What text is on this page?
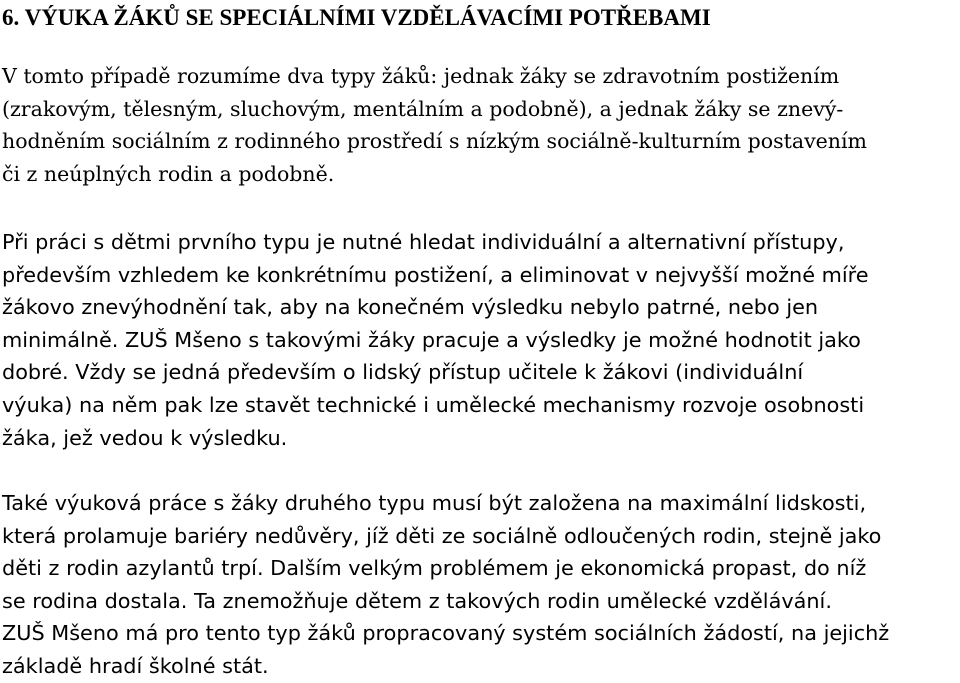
6. VÝUKA ŽÁKŮ SE SPECIÁLNÍMI VZDĚLÁVACÍMI POTŘEBAMI

V tomto případě rozumíme dva typy žáků: jednak žáky se zdravotním postižením
(zrakovým, tělesným, sluchovým, mentálním a podobně), a jednak žáky se znevý-
hodněním sociálním z rodinného prostředí s nízkým sociálně-kulturním postavením
či z neúplných rodin a podobně.

Při práci s dětmi prvního typu je nutné hledat individuální a alternativní přístupy,
především vzhledem ke konkrétnímu postižení, a eliminovat v nejvyšší možné míře
žákovo znevýhodnění tak, aby na konečném výsledku nebylo patrné, nebo jen
minimálně. ZUŠ Mšeno s takovými žáky pracuje a výsledky je možné hodnotit jako
dobré. Vždy se jedná především o lidský přístup učitele k žákovi (individuální
výuka) na něm pak lze stavět technické i umělecké mechanismy rozvoje osobnosti
žáka, jež vedou k výsledku.

Také výuková práce s žáky druhého typu musí být založena na maximální lidskosti,
která prolamuje bariéry nedůvěry, jíž děti ze sociálně odloučených rodin, stejně jako
děti z rodin azylantů trpí. Dalším velkým problémem je ekonomická propast, do níž
se rodina dostala. Ta znemožňuje dětem z takových rodin umělecké vzdělávání.
ZUŠ Mšeno má pro tento typ žáků propracovaný systém sociálních žádostí, na jejichž
základě hradí školné stát.
